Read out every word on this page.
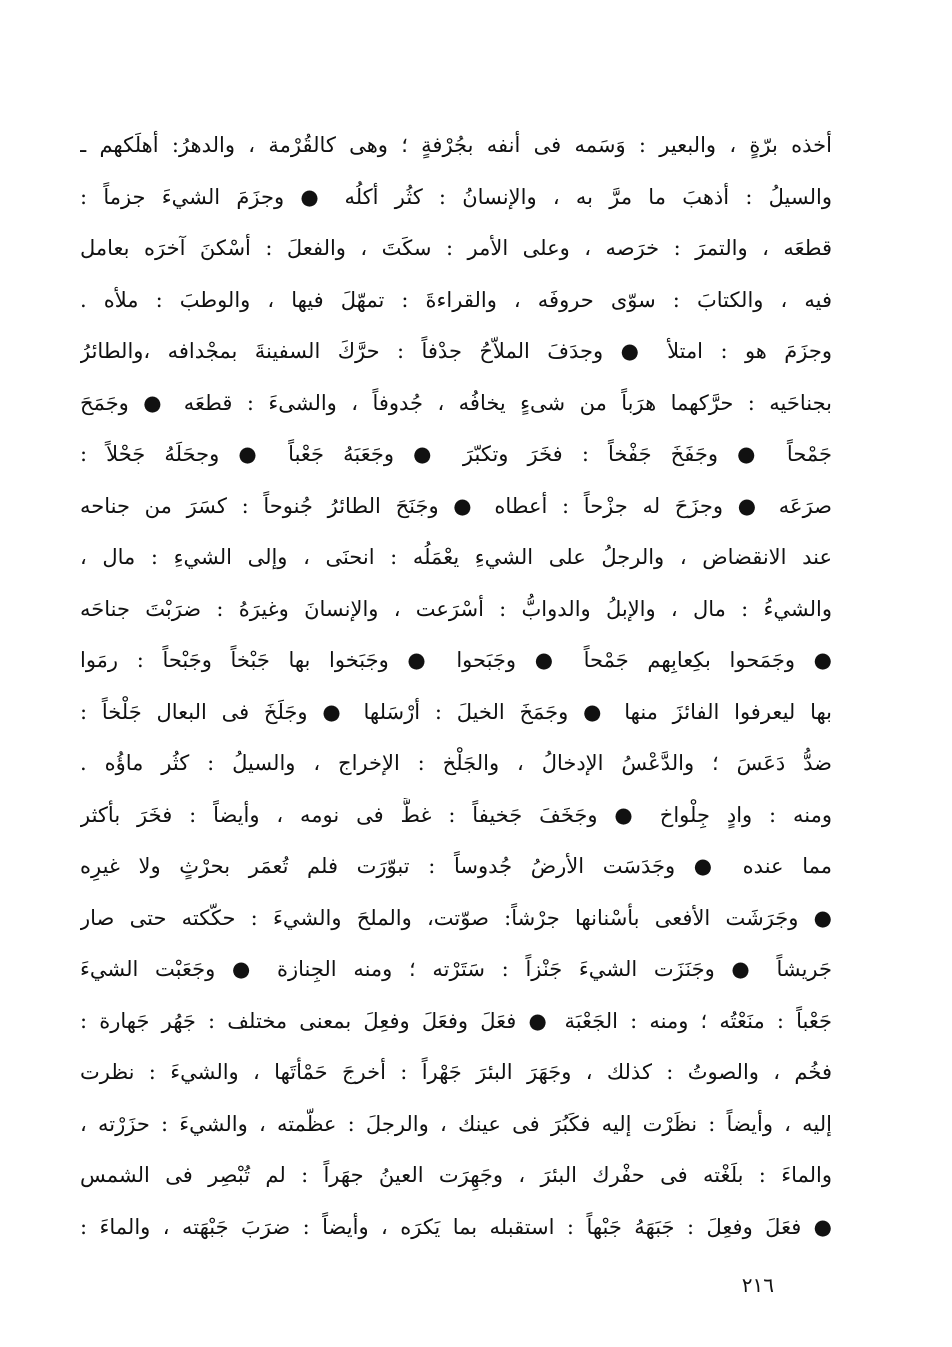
أخذه برّةٍ ، والبعير : وَسَمه فى أنفه بجُرْفةٍ ؛ وهى كالقُرْمة ، والدهرُ: أهلَكهم ـ
والسيلُ : أذهبَ ما مرَّ به ، والإنسانُ : كثُر أكلُه ● وجزَمَ الشيءَ جزماً :
قطعَه ، والتمرَ : خرَصه ، وعلى الأمر : سكَتَ ، والفعلَ : أسْكنَ آخرَه بعامل
فيه ، والكتابَ : سوّى حروفَه ، والقراءةَ : تمهّلَ فيها ، والوطبَ : ملأه .
وجزَمَ هو : امتلأ ● وجدَفَ الملاّحُ جدْفاً : حرَّكَ السفينةَ بمجْدافه ،والطائرُ
بجناحَيه : حرَّكهما هرَباً من شىءٍ يخافُه ، جُدوفاً ، والشىءَ : قطعَه ● وجَمَحَ
جَمْحاً ● وجَفَخَ جَفْخاً : فخَرَ وتكبّرَ ● وجَعَبَهُ جَعْباً ● وجحَلَهُ جَحْلاً :
صرَعَه ● وجزَحَ له جزْحاً : أعطاه ● وجَنَحَ الطائرُ جُنوحاً : كسَرَ من جناحه
عند الانقضاض ، والرجلُ على الشيءِ يعْمَلُه : انحنَى ، وإلى الشيءِ : مال ،
والشيءُ : مال ، والإبلُ والدوابُّ : أسْرَعت ، والإنسانَ وغيرَهُ : ضرَبْتَ جناحَه
● وجَمَحوا بكِعابِهم جَمْحاً ● وجَبَحوا ● وجَبَخوا بها جَبْخاً وجَبْحاً : رمَوا
بها ليعرفوا الفائزَ منها ● وجَمَخَ الخيلَ : أرْسَلها ● وجَلَخَ فى البعال جَلْخاً :
ضدُّ دَعَسَ ؛ والدَّعْسُ الإدخالُ ، والجَلْخ : الإخراج ، والسيلُ : كثُر ماؤُه .
ومنه : وادٍ جِلْواخ ● وجَخَفَ جَخيفاً : غطَّ فى نومه ، وأيضاً : فخَرَ بأكثر
مما عنده ● وجَدَسَت الأرضُ جُدوساً : تبوّرَت فلم تُعمَر بحرْثٍ ولا غيرِه
● وجَرَشَت الأفعى بأسْنانها جرْشاً: صوّتت، والملحَ والشيءَ : حكّكته حتى صار
جَريشاً ● وجَنَزَت الشيءَ جَنْزاً : سَتَرْته ؛ ومنه الجِنازة ● وجَعَبْت الشيءَ
جَعْباً : منَعْتُه ؛ ومنه : الجَعْبَة ● فعَلَ وفعَلَ وفعِلَ بمعنى مختلف : جَهُر جَهارة :
فخُم ، والصوتُ : كذلك ، وجَهَرَ البئرَ جَهْراً : أخرجَ حَمْأتَها ، والشيءَ : نظرت
إليه ، وأيضاً : نظَرْت إليه فكَبُرَ فى عينك ، والرجلَ : عظّمته ، والشيءَ : حزَرْته ،
والماءَ : بلَغْته فى حفْرك البئرَ ، وجَهِرَت العينُ جهَراً : لم تُبْصِر فى الشمس
● فعَلَ وفعِلَ : جَبَهَهُ جَبْهاً : استقبله بما يَكرَه ، وأيضاً : ضرَبَ جَبْهَته ، والماءَ :
٢١٦
